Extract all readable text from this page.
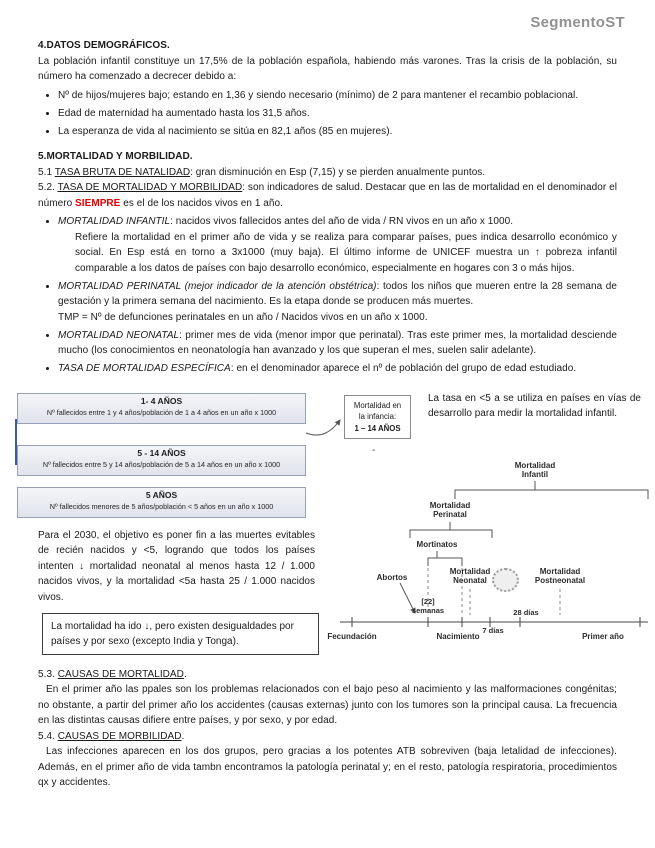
SegmentoST
4.DATOS DEMOGRÁFICOS.

La población infantil constituye un 17,5% de la población española, habiendo más varones. Tras la crisis de la población, su número ha comenzado a decrecer debido a:

• Nº de hijos/mujeres bajo; estando en 1,36 y siendo necesario (mínimo) de 2 para mantener el recambio poblacional.
• Edad de maternidad ha aumentado hasta los 31,5 años.
• La esperanza de vida al nacimiento se sitúa en 82,1 años (85 en mujeres).
5.MORTALIDAD Y MORBILIDAD.

5.1 TASA BRUTA DE NATALIDAD: gran disminución en Esp (7,15) y se pierden anualmente puntos.

5.2. TASA DE MORTALIDAD Y MORBILIDAD: son indicadores de salud. Destacar que en las de mortalidad en el denominador el número SIEMPRE es el de los nacidos vivos en 1 año.

• MORTALIDAD INFANTIL: nacidos vivos fallecidos antes del año de vida / RN vivos en un año x 1000.
Refiere la mortalidad en el primer año de vida y se realiza para comparar países, pues indica desarrollo económico y social. En Esp está en torno a 3x1000 (muy baja). El último informe de UNICEF muestra un ↑ pobreza infantil comparable a los datos de países con bajo desarrollo económico, especialmente en hogares con 3 o más hijos.
• MORTALIDAD PERINATAL (mejor indicador de la atención obstétrica): todos los niños que mueren entre la 28 semana de gestación y la primera semana del nacimiento. Es la etapa donde se producen más muertes.
TMP = Nº de defunciones perinatales en un año / Nacidos vivos en un año x 1000.
• MORTALIDAD NEONATAL: primer mes de vida (menor impor que perinatal). Tras este primer mes, la mortalidad desciende mucho (los conocimientos en neonatología han avanzado y los que superan el mes, suelen salir adelante).
• TASA DE MORTALIDAD ESPECÍFICA: en el denominador aparece el nº de población del grupo de edad estudiado.
1- 4 AÑOS
Nº fallecidos entre 1 y 4 años/población de 1 a 4 años en un año x 1000
5 - 14 AÑOS
Nº fallecidos entre 5 y 14 años/población de 5 a 14 años en un año x 1000
5 AÑOS
Nº fallecidos menores de 5 años/población < 5 años en un año x 1000
Mortalidad en
la infancia:
1 – 14 AÑOS
-
La tasa en <5 a se utiliza en países en vías de desarrollo para medir la mortalidad infantil.
Para el 2030, el objetivo es poner fin a las muertes evitables de recién nacidos y <5, logrando que todos los países intenten ↓ mortalidad neonatal al menos hasta 12 / 1.000 nacidos vivos, y la mortalidad <5a hasta 25 / 1.000 nacidos vivos.
La mortalidad ha ido ↓, pero existen desigualdades por países y por sexo (excepto India y Tonga).
Mortalidad Infantil
Mortalidad Perinatal
Mortinatos
Abortos
Mortalidad Neonatal
Mortalidad Postneonatal
[22] semanas
7 días
28 días
Fecundación	Nacimiento	Primer año

5.3. CAUSAS DE MORTALIDAD.

En el primer año las ppales son los problemas relacionados con el bajo peso al nacimiento y las malformaciones congénitas; no obstante, a partir del primer año los accidentes (causas externas) junto con los tumores son la principal causa. La frecuencia en las distintas causas difiere entre países, y por sexo, y por edad.

5.4. CAUSAS DE MORBILIDAD.

Las infecciones aparecen en los dos grupos, pero gracias a los potentes ATB sobreviven (baja letalidad de infecciones). Además, en el primer año de vida tambn encontramos la patología perinatal y; en el resto, patología respiratoria, procedimientos qx y accidentes.
